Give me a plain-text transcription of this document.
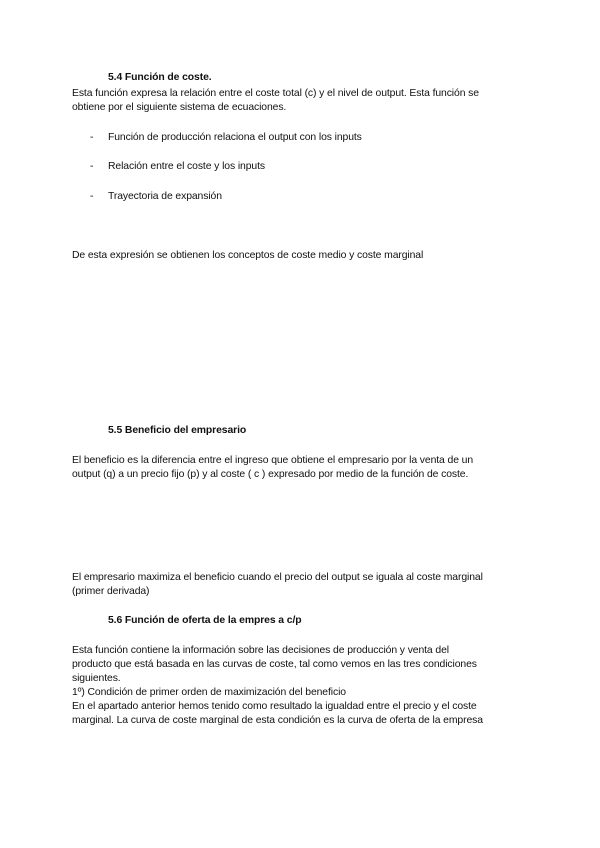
5.4 Función de coste.
Esta función expresa la relación entre el coste total (c) y el nivel de output. Esta función se
obtiene por el siguiente sistema de ecuaciones.
- Función de producción relaciona el output con los inputs
- Relación entre el coste y los inputs
- Trayectoria de expansión
De esta expresión se obtienen los conceptos de coste medio y coste marginal
5.5 Beneficio del empresario
El beneficio es la diferencia entre el ingreso que obtiene el empresario por la venta de un
output (q) a un precio fijo (p) y al coste ( c ) expresado por medio de la función de coste.
El empresario maximiza el beneficio cuando el precio del output se iguala al coste marginal
(primer derivada)
5.6 Función de oferta de la empres a c/p
Esta función contiene la información sobre las decisiones de producción y venta del
producto que está basada en las curvas de coste, tal como vemos en las tres condiciones
siguientes.
1º) Condición de primer orden de maximización del beneficio
En el apartado anterior hemos tenido como resultado la igualdad entre el precio y el coste
marginal. La curva de coste marginal de esta condición es la curva de oferta de la empresa
